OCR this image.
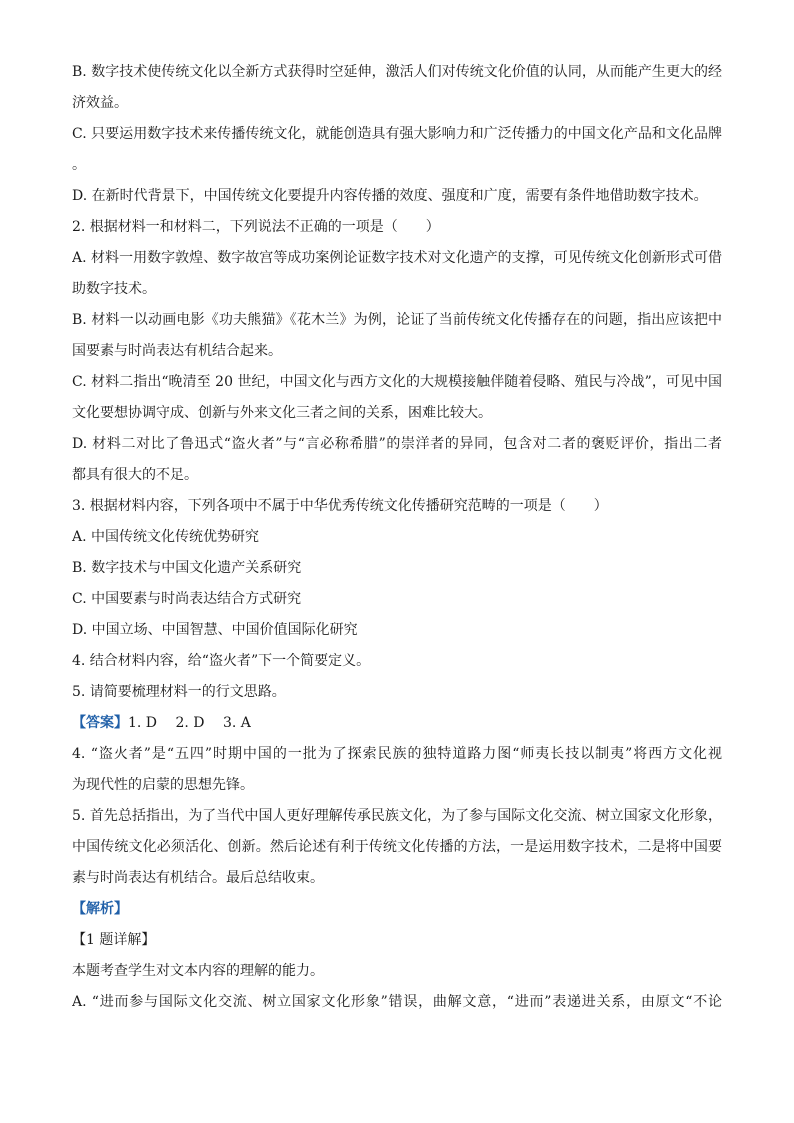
B. 数字技术使传统文化以全新方式获得时空延伸，激活人们对传统文化价值的认同，从而能产生更大的经

济效益。

C. 只要运用数字技术来传播传统文化，就能创造具有强大影响力和广泛传播力的中国文化产品和文化品牌

。

D. 在新时代背景下，中国传统文化要提升内容传播的效度、强度和广度，需要有条件地借助数字技术。

2. 根据材料一和材料二，下列说法不正确的一项是（　　）

A. 材料一用数字敦煌、数字故宫等成功案例论证数字技术对文化遗产的支撑，可见传统文化创新形式可借

助数字技术。

B. 材料一以动画电影《功夫熊猫》《花木兰》为例，论证了当前传统文化传播存在的问题，指出应该把中

国要素与时尚表达有机结合起来。

C. 材料二指出“晚清至 20 世纪，中国文化与西方文化的大规模接触伴随着侵略、殖民与冷战”，可见中国

文化要想协调守成、创新与外来文化三者之间的关系，困难比较大。

D. 材料二对比了鲁迅式“盗火者”与“言必称希腊”的崇洋者的异同，包含对二者的褒贬评价，指出二者

都具有很大的不足。

3. 根据材料内容，下列各项中不属于中华优秀传统文化传播研究范畴的一项是（　　）

A. 中国传统文化传统优势研究

B. 数字技术与中国文化遗产关系研究

C. 中国要素与时尚表达结合方式研究

D. 中国立场、中国智慧、中国价值国际化研究

4. 结合材料内容，给“盗火者”下一个简要定义。

5. 请简要梳理材料一的行文思路。

【答案】1. D　 2. D　 3. A

4. “盗火者”是“五四”时期中国的一批为了探索民族的独特道路力图“师夷长技以制夷”将西方文化视

为现代性的启蒙的思想先锋。

5. 首先总括指出，为了当代中国人更好理解传承民族文化，为了参与国际文化交流、树立国家文化形象，

中国传统文化必须活化、创新。然后论述有利于传统文化传播的方法，一是运用数字技术，二是将中国要

素与时尚表达有机结合。最后总结收束。

【解析】

【1 题详解】

本题考查学生对文本内容的理解的能力。

A. “进而参与国际文化交流、树立国家文化形象”错误，曲解文意，“进而”表递进关系，由原文“不论
